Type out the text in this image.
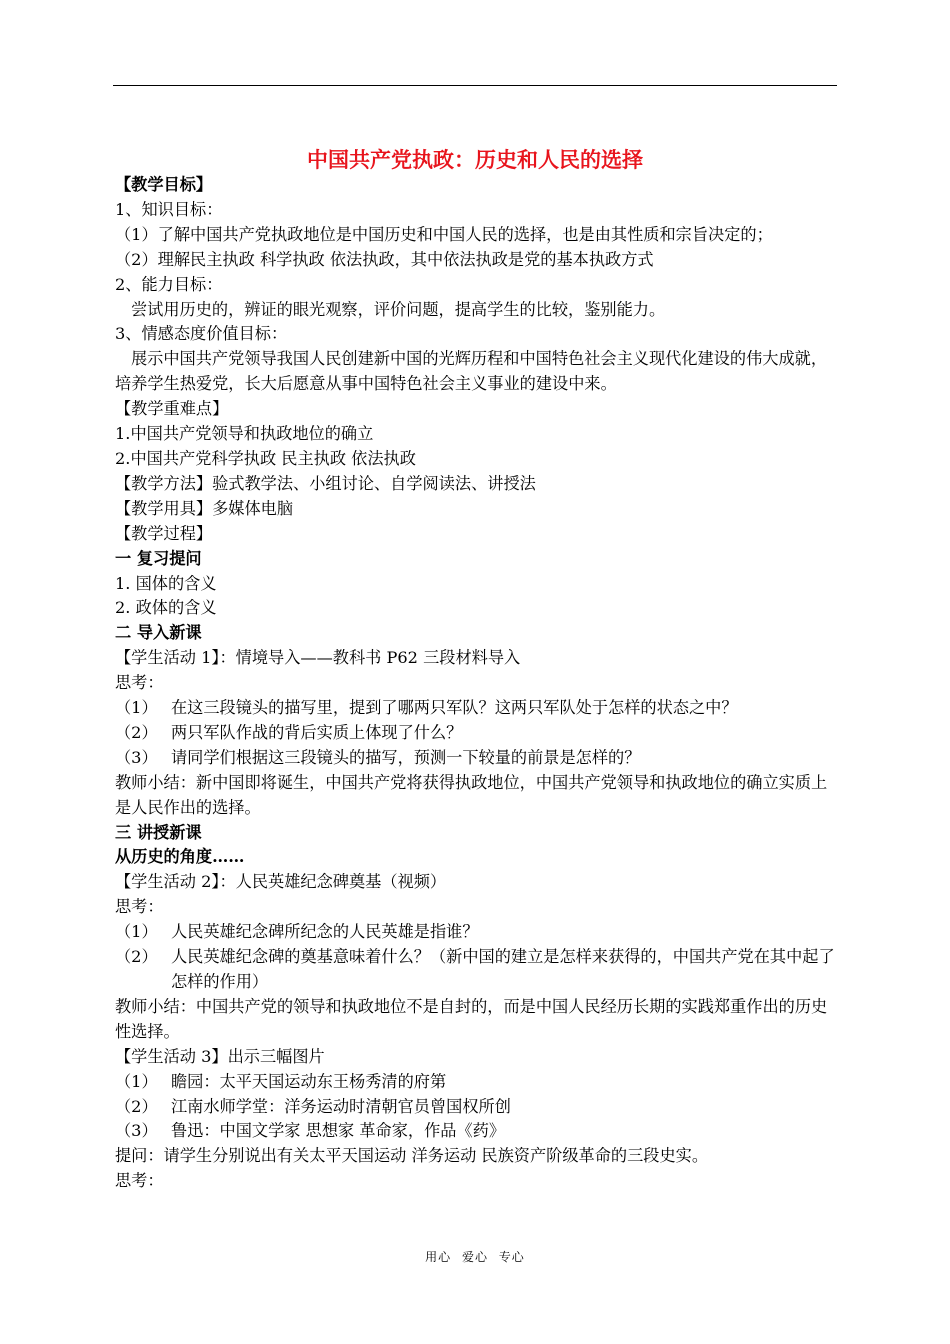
中国共产党执政：历史和人民的选择

【教学目标】

1、知识目标：

（1）了解中国共产党执政地位是中国历史和中国人民的选择，也是由其性质和宗旨决定的；

（2）理解民主执政 科学执政 依法执政，其中依法执政是党的基本执政方式

2、能力目标：

尝试用历史的，辨证的眼光观察，评价问题，提高学生的比较，鉴别能力。

3、情感态度价值目标：

展示中国共产党领导我国人民创建新中国的光辉历程和中国特色社会主义现代化建设的伟大成就，培养学生热爱党，长大后愿意从事中国特色社会主义事业的建设中来。

【教学重难点】

1.中国共产党领导和执政地位的确立

2.中国共产党科学执政 民主执政 依法执政

【教学方法】验式教学法、小组讨论、自学阅读法、讲授法

【教学用具】多媒体电脑

【教学过程】

一 复习提问

1. 国体的含义

2. 政体的含义

二 导入新课

【学生活动 1】：情境导入——教科书 P62 三段材料导入

思考：

（1） 在这三段镜头的描写里，提到了哪两只军队？这两只军队处于怎样的状态之中？
（2） 两只军队作战的背后实质上体现了什么？
（3） 请同学们根据这三段镜头的描写，预测一下较量的前景是怎样的？

教师小结：新中国即将诞生，中国共产党将获得执政地位，中国共产党领导和执政地位的确立实质上是人民作出的选择。

三 讲授新课

从历史的角度……

【学生活动 2】：人民英雄纪念碑奠基（视频）

思考：

（1） 人民英雄纪念碑所纪念的人民英雄是指谁？
（2） 人民英雄纪念碑的奠基意味着什么？（新中国的建立是怎样来获得的，中国共产党在其中起了怎样的作用）

教师小结：中国共产党的领导和执政地位不是自封的，而是中国人民经历长期的实践郑重作出的历史性选择。

【学生活动 3】出示三幅图片

（1） 瞻园：太平天国运动东王杨秀清的府第
（2） 江南水师学堂：洋务运动时清朝官员曾国权所创
（3） 鲁迅：中国文学家 思想家 革命家，作品《药》

提问：请学生分别说出有关太平天国运动 洋务运动 民族资产阶级革命的三段史实。

思考：

用心 爱心 专心
